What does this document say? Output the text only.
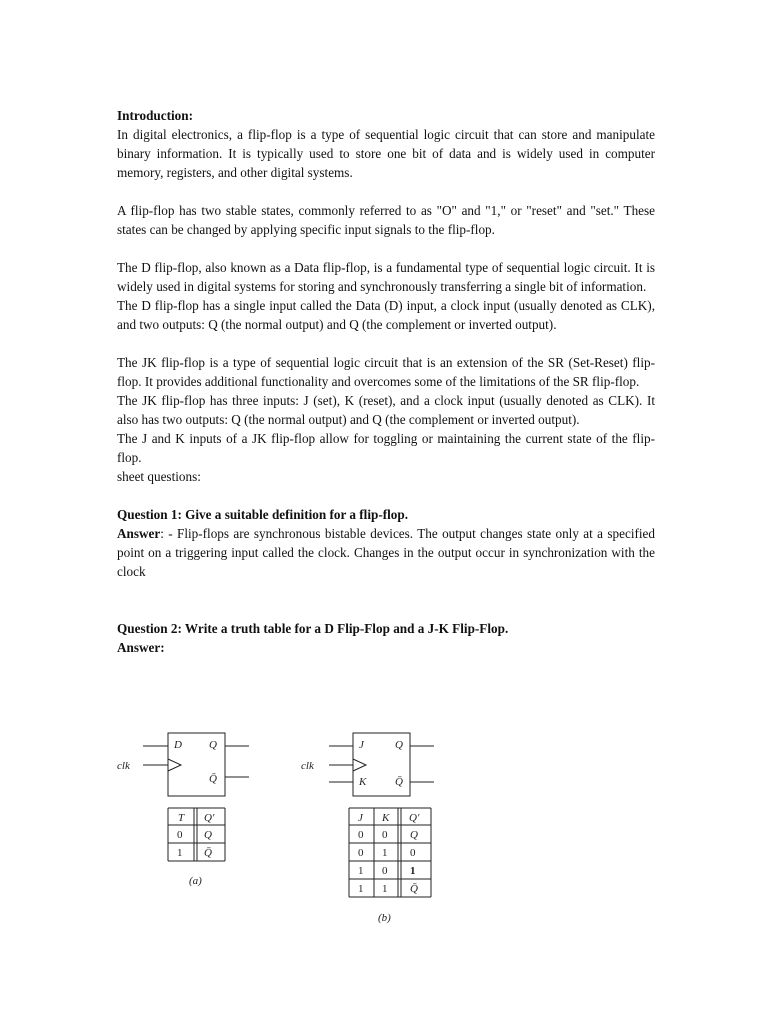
Introduction:

In digital electronics, a flip-flop is a type of sequential logic circuit that can store and manipulate binary information. It is typically used to store one bit of data and is widely used in computer memory, registers, and other digital systems.

A flip-flop has two stable states, commonly referred to as "O" and "1," or "reset" and "set." These states can be changed by applying specific input signals to the flip-flop.

The D flip-flop, also known as a Data flip-flop, is a fundamental type of sequential logic circuit. It is widely used in digital systems for storing and synchronously transferring a single bit of information.

The D flip-flop has a single input called the Data (D) input, a clock input (usually denoted as CLK), and two outputs: Q (the normal output) and Q (the complement or inverted output).

The JK flip-flop is a type of sequential logic circuit that is an extension of the SR (Set-Reset) flip-flop. It provides additional functionality and overcomes some of the limitations of the SR flip-flop.

The JK flip-flop has three inputs: J (set), K (reset), and a clock input (usually denoted as CLK). It also has two outputs: Q (the normal output) and Q (the complement or inverted output).

The J and K inputs of a JK flip-flop allow for toggling or maintaining the current state of the flip-flop.

sheet questions:

Question 1: Give a suitable definition for a flip-flop.

Answer: - Flip-flops are synchronous bistable devices. The output changes state only at a specified point on a triggering input called the clock. Changes in the output occur in synchronization with the clock

Question 2: Write a truth table for a D Flip-Flop and a J-K Flip-Flop.

Answer:

D Q
Q̄
clk
T Q′
0 Q
1 Q̄
(a)
J
K
Q
Q̄
clk
J K Q′
0 0 Q
0 1 0
1 0 1
1 1 Q̄
(b)
